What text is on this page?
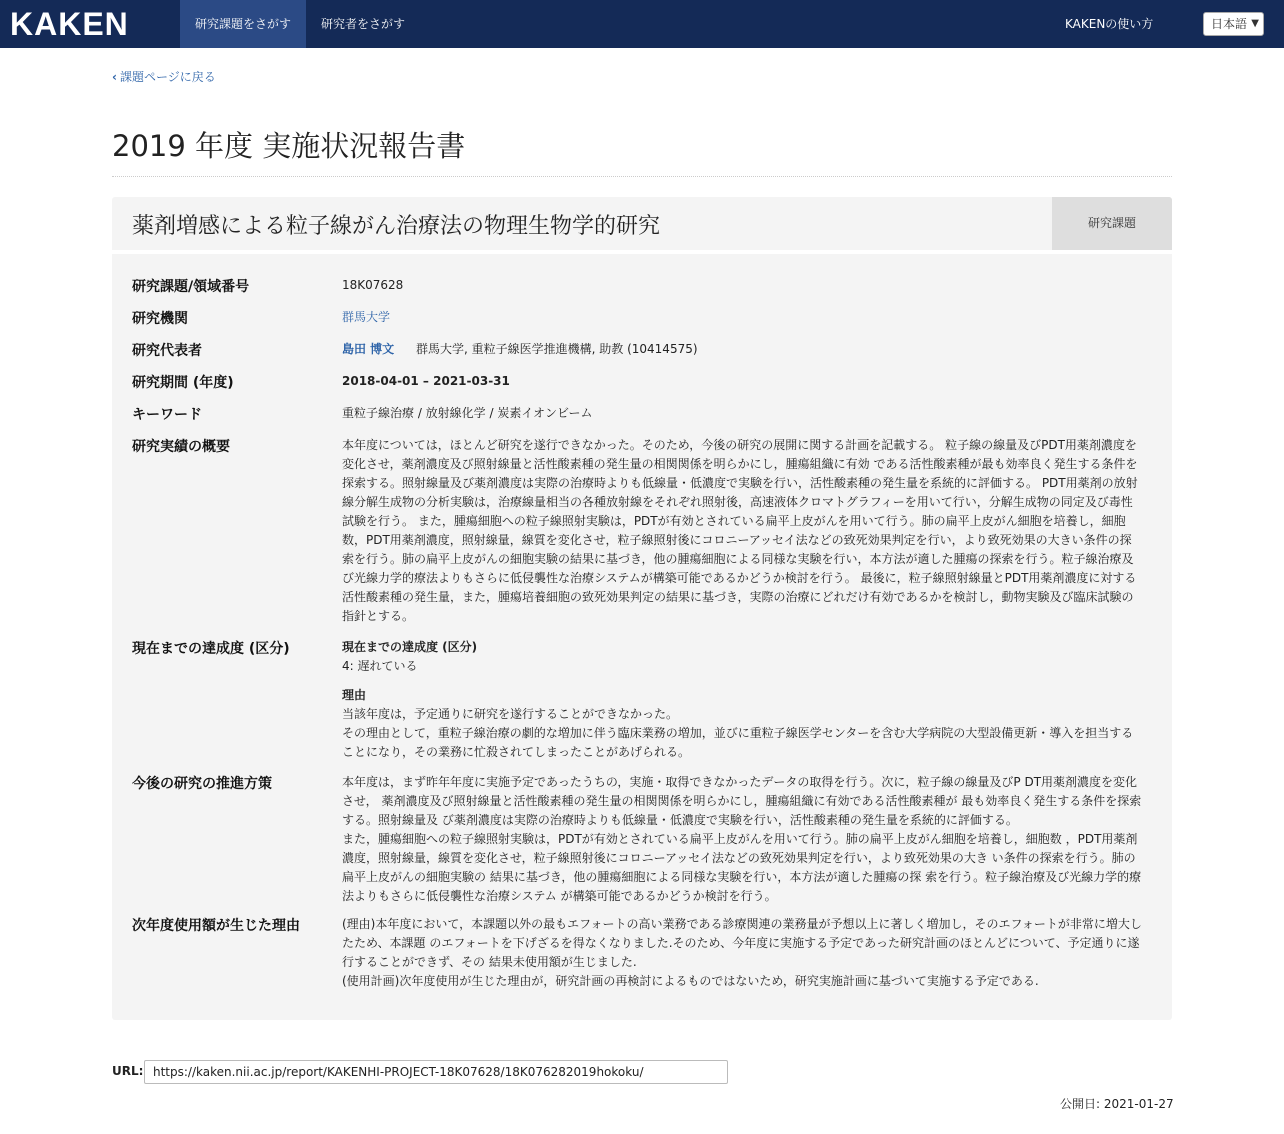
KAKEN	研究課題をさがす	研究者をさがす	KAKENの使い方	日本語 ▼
‹ 課題ページに戻る
2019 年度 実施状況報告書
薬剤増感による粒子線がん治療法の物理生物学的研究	研究課題
研究課題/領域番号	18K07628
研究機関	群馬大学
研究代表者	島田 博文 群馬大学, 重粒子線医学推進機構, 助教 (10414575)
研究期間 (年度)	2018-04-01 – 2021-03-31
キーワード	重粒子線治療 / 放射線化学 / 炭素イオンビーム
研究実績の概要	本年度については，ほとんど研究を遂行できなかった。そのため，今後の研究の展開に関する計画を記載する。 粒子線の線量及びPDT用薬剤濃度を変化させ，薬剤濃度及び照射線量と活性酸素種の発生量の相関関係を明らかにし，腫瘍組織に有効 である活性酸素種が最も効率良く発生する条件を探索する。照射線量及び薬剤濃度は実際の治療時よりも低線量・低濃度で実験を行い，活性酸素種の発生量を系統的に評価する。 PDT用薬剤の放射線分解生成物の分析実験は，治療線量相当の各種放射線をそれぞれ照射後，高速液体クロマトグラフィーを用いて行い，分解生成物の同定及び毒性試験を行う。 また，腫瘍細胞への粒子線照射実験は，PDTが有効とされている扁平上皮がんを用いて行う。肺の扁平上皮がん細胞を培養し，細胞数，PDT用薬剤濃度，照射線量，線質を変化させ，粒子線照射後にコロニーアッセイ法などの致死効果判定を行い，より致死効果の大きい条件の探索を行う。肺の扁平上皮がんの細胞実験の結果に基づき，他の腫瘍細胞による同様な実験を行い，本方法が適した腫瘍の探索を行う。粒子線治療及び光線力学的療法よりもさらに低侵襲性な治療システムが構築可能であるかどうか検討を行う。 最後に，粒子線照射線量とPDT用薬剤濃度に対する活性酸素種の発生量，また，腫瘍培養細胞の致死効果判定の結果に基づき，実際の治療にどれだけ有効であるかを検討し，動物実験及び臨床試験の指針とする。
現在までの達成度 (区分)	現在までの達成度 (区分)
4: 遅れている
理由
当該年度は，予定通りに研究を遂行することができなかった。
その理由として，重粒子線治療の劇的な増加に伴う臨床業務の増加，並びに重粒子線医学センターを含む大学病院の大型設備更新・導入を担当することになり，その業務に忙殺されてしまったことがあげられる。
今後の研究の推進方策	本年度は，まず昨年年度に実施予定であったうちの，実施・取得できなかったデータの取得を行う。次に，粒子線の線量及びP DT用薬剤濃度を変化させ， 薬剤濃度及び照射線量と活性酸素種の発生量の相関関係を明らかにし，腫瘍組織に有効である活性酸素種が 最も効率良く発生する条件を探索する。照射線量及 び薬剤濃度は実際の治療時よりも低線量・低濃度で実験を行い，活性酸素種の発生量を系統的に評価する。
また，腫瘍細胞への粒子線照射実験は，PDTが有効とされている扁平上皮がんを用いて行う。肺の扁平上皮がん細胞を培養し，細胞数 ，PDT用薬剤濃度，照射線量，線質を変化させ，粒子線照射後にコロニーアッセイ法などの致死効果判定を行い，より致死効果の大き い条件の探索を行う。肺の扁平上皮がんの細胞実験の 結果に基づき，他の腫瘍細胞による同様な実験を行い，本方法が適した腫瘍の探 索を行う。粒子線治療及び光線力学的療法よりもさらに低侵襲性な治療システム が構築可能であるかどうか検討を行う。
次年度使用額が生じた理由	(理由)本年度において，本課題以外の最もエフォートの高い業務である診療関連の業務量が予想以上に著しく増加し，そのエフォートが非常に増大し たため、本課題 のエフォートを下げざるを得なくなりました.そのため、今年度に実施する予定であった研究計画のほとんどについて、予定通りに遂行することができず、その 結果未使用額が生じました.
(使用計画)次年度使用が生じた理由が，研究計画の再検討によるものではないため，研究実施計画に基づいて実施する予定である.
URL: https://kaken.nii.ac.jp/report/KAKENHI-PROJECT-18K07628/18K076282019hokoku/
公開日: 2021-01-27
